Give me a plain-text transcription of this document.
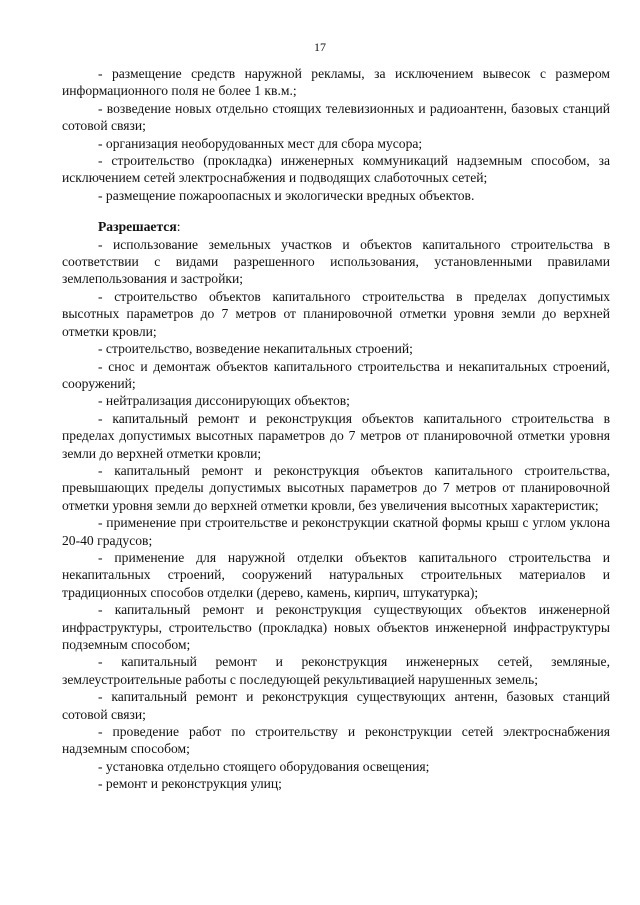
17

- размещение средств наружной рекламы, за исключением вывесок с размером информационного поля не более 1 кв.м.;

- возведение новых отдельно стоящих телевизионных и радиоантенн, базовых станций сотовой связи;

- организация необорудованных мест для сбора мусора;

- строительство (прокладка) инженерных коммуникаций надземным способом, за исключением сетей электроснабжения и подводящих слаботочных сетей;

- размещение пожароопасных и экологически вредных объектов.

Разрешается:

- использование земельных участков и объектов капитального строительства в соответствии с видами разрешенного использования, установленными правилами землепользования и застройки;

- строительство объектов капитального строительства в пределах допустимых высотных параметров до 7 метров от планировочной отметки уровня земли до верхней отметки кровли;

- строительство, возведение некапитальных строений;

- снос и демонтаж объектов капитального строительства и некапитальных строений, сооружений;

- нейтрализация диссонирующих объектов;

- капитальный ремонт и реконструкция объектов капитального строительства в пределах допустимых высотных параметров до 7 метров от планировочной отметки уровня земли до верхней отметки кровли;

- капитальный ремонт и реконструкция объектов капитального строительства, превышающих пределы допустимых высотных параметров до 7 метров от планировочной отметки уровня земли до верхней отметки кровли, без увеличения высотных характеристик;

- применение при строительстве и реконструкции скатной формы крыш с углом уклона 20-40 градусов;

- применение для наружной отделки объектов капитального строительства и некапитальных строений, сооружений натуральных строительных материалов и традиционных способов отделки (дерево, камень, кирпич, штукатурка);

- капитальный ремонт и реконструкция существующих объектов инженерной инфраструктуры, строительство (прокладка) новых объектов инженерной инфраструктуры подземным способом;

- капитальный ремонт и реконструкция инженерных сетей, земляные, землеустроительные работы с последующей рекультивацией нарушенных земель;

- капитальный ремонт и реконструкция существующих антенн, базовых станций сотовой связи;

- проведение работ по строительству и реконструкции сетей электроснабжения надземным способом;

- установка отдельно стоящего оборудования освещения;

- ремонт и реконструкция улиц;
